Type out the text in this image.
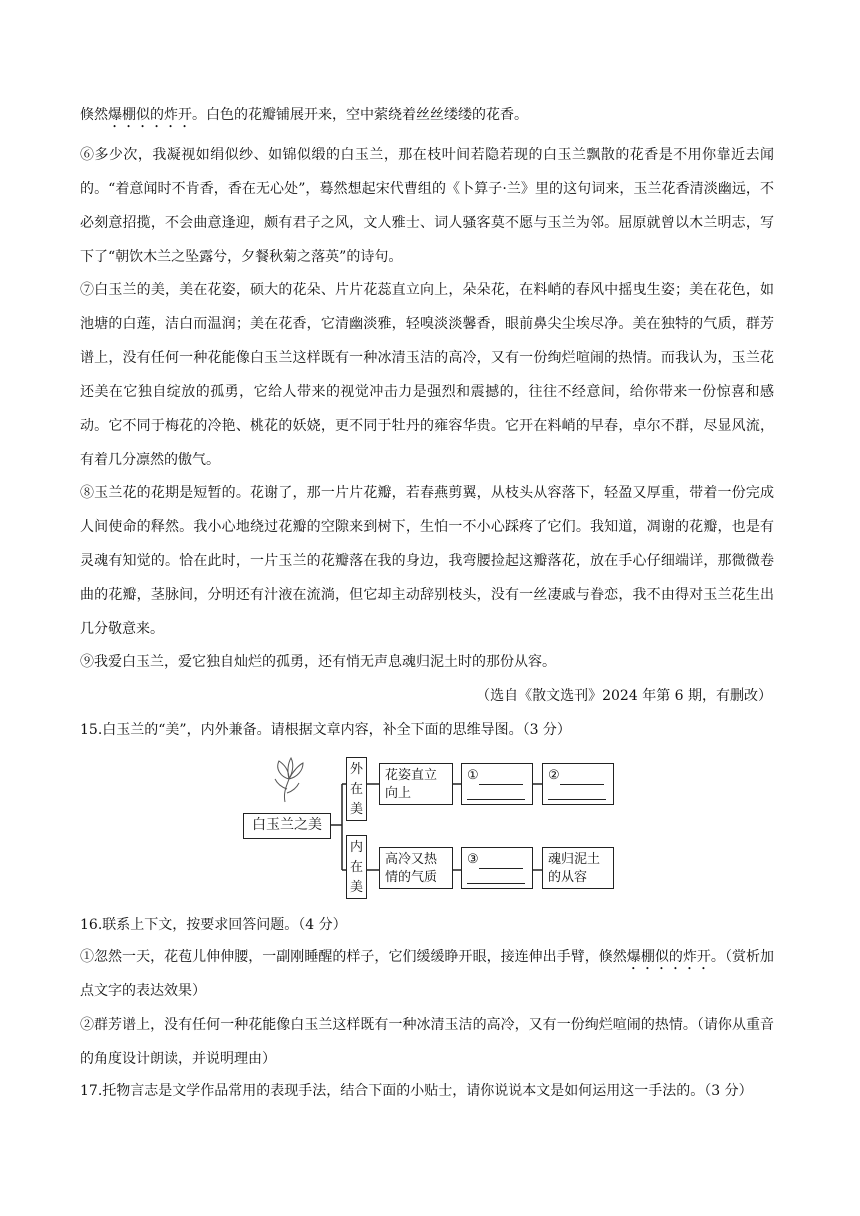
倏然爆棚似的炸开。白色的花瓣铺展开来，空中萦绕着丝丝缕缕的花香。
⑥多少次，我凝视如绢似纱、如锦似缎的白玉兰，那在枝叶间若隐若现的白玉兰飘散的花香是不用你靠近去闻的。“着意闻时不肯香，香在无心处”，蓦然想起宋代曹组的《卜算子·兰》里的这句词来，玉兰花香清淡幽远，不必刻意招揽，不会曲意逢迎，颇有君子之风，文人雅士、词人骚客莫不愿与玉兰为邻。屈原就曾以木兰明志，写下了“朝饮木兰之坠露兮，夕餐秋菊之落英”的诗句。
⑦白玉兰的美，美在花姿，硕大的花朵、片片花蕊直立向上，朵朵花，在料峭的春风中摇曳生姿；美在花色，如池塘的白莲，洁白而温润；美在花香，它清幽淡雅，轻嗅淡淡馨香，眼前鼻尖尘埃尽净。美在独特的气质，群芳谱上，没有任何一种花能像白玉兰这样既有一种冰清玉洁的高冷，又有一份绚烂喧闹的热情。而我认为，玉兰花还美在它独自绽放的孤勇，它给人带来的视觉冲击力是强烈和震撼的，往往不经意间，给你带来一份惊喜和感动。它不同于梅花的冷艳、桃花的妖娆，更不同于牡丹的雍容华贵。它开在料峭的早春，卓尔不群，尽显风流，有着几分凛然的傲气。
⑧玉兰花的花期是短暂的。花谢了，那一片片花瓣，若春燕剪翼，从枝头从容落下，轻盈又厚重，带着一份完成人间使命的释然。我小心地绕过花瓣的空隙来到树下，生怕一不小心踩疼了它们。我知道，凋谢的花瓣，也是有灵魂有知觉的。恰在此时，一片玉兰的花瓣落在我的身边，我弯腰捡起这瓣落花，放在手心仔细端详，那微微卷曲的花瓣，茎脉间，分明还有汁液在流淌，但它却主动辞别枝头，没有一丝凄戚与眷恋，我不由得对玉兰花生出几分敬意来。
⑨我爱白玉兰，爱它独自灿烂的孤勇，还有悄无声息魂归泥土时的那份从容。
（选自《散文选刊》2024 年第 6 期，有删改）
15.白玉兰的“美”，内外兼备。请根据文章内容，补全下面的思维导图。（3 分）
白玉兰之美
外在美
内在美
花姿直立向上
①	②
高冷又热情的气质
③	魂归泥土的从容
16.联系上下文，按要求回答问题。（4 分）
①忽然一天，花苞儿伸伸腰，一副刚睡醒的样子，它们缓缓睁开眼，接连伸出手臂，倏然爆棚似的炸开。（赏析加点文字的表达效果）
②群芳谱上，没有任何一种花能像白玉兰这样既有一种冰清玉洁的高冷，又有一份绚烂喧闹的热情。（请你从重音的角度设计朗读，并说明理由）
17.托物言志是文学作品常用的表现手法，结合下面的小贴士，请你说说本文是如何运用这一手法的。（3 分）
